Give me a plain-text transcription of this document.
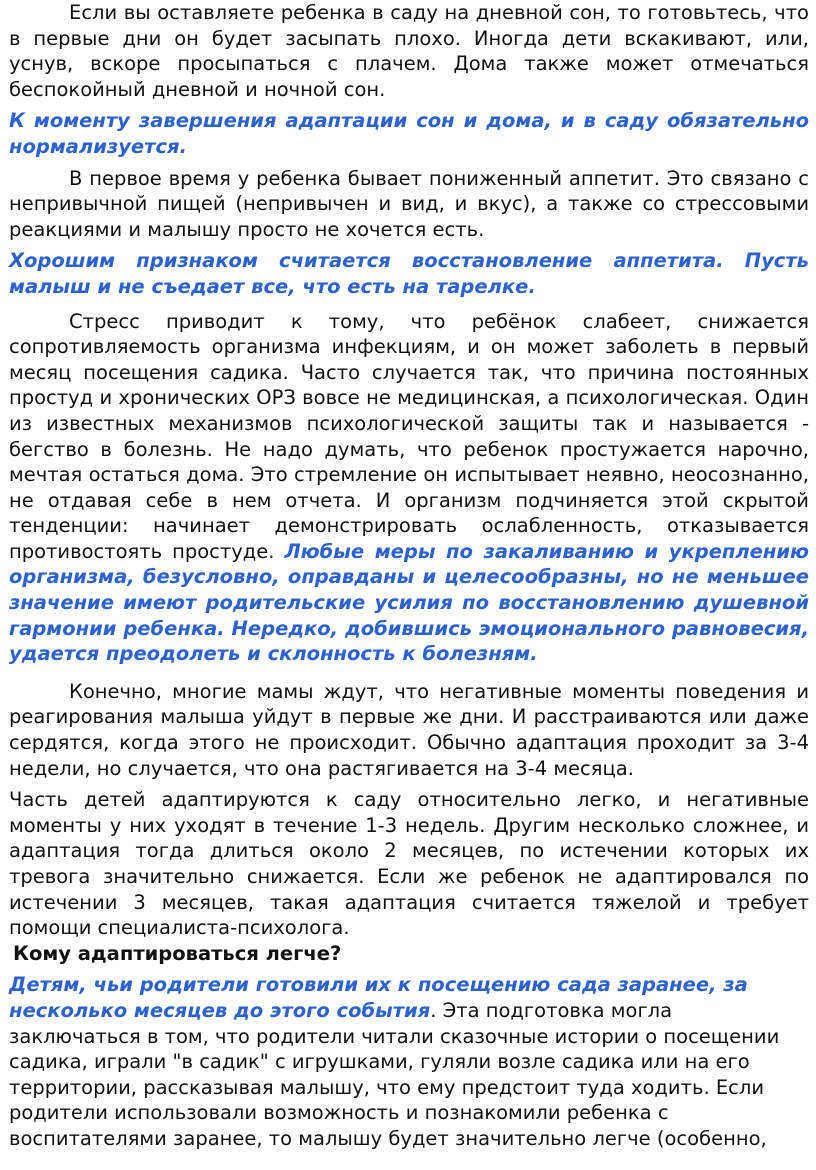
Если вы оставляете ребенка в саду на дневной сон, то готовьтесь, что в первые дни он будет засыпать плохо. Иногда дети вскакивают, или, уснув, вскоре просыпаться с плачем. Дома также может отмечаться беспокойный дневной и ночной сон.

К моменту завершения адаптации сон и дома, и в саду обязательно нормализуется.

В первое время у ребенка бывает пониженный аппетит. Это связано с непривычной пищей (непривычен и вид, и вкус), а также со стрессовыми реакциями и малышу просто не хочется есть.

Хорошим признаком считается восстановление аппетита. Пусть малыш и не съедает все, что есть на тарелке.

Стресс приводит к тому, что ребёнок слабеет, снижается сопротивляемость организма инфекциям, и он может заболеть в первый месяц посещения садика. Часто случается так, что причина постоянных простуд и хронических ОРЗ вовсе не медицинская, а психологическая. Один из известных механизмов психологической защиты так и называется - бегство в болезнь. Не надо думать, что ребенок простужается нарочно, мечтая остаться дома. Это стремление он испытывает неявно, неосознанно, не отдавая себе в нем отчета. И организм подчиняется этой скрытой тенденции: начинает демонстрировать ослабленность, отказывается противостоять простуде. Любые меры по закаливанию и укреплению организма, безусловно, оправданы и целесообразны, но не меньшее значение имеют родительские усилия по восстановлению душевной гармонии ребенка. Нередко, добившись эмоционального равновесия, удается преодолеть и склонность к болезням.

Конечно, многие мамы ждут, что негативные моменты поведения и реагирования малыша уйдут в первые же дни. И расстраиваются или даже сердятся, когда этого не происходит. Обычно адаптация проходит за 3-4 недели, но случается, что она растягивается на 3-4 месяца.

Часть детей адаптируются к саду относительно легко, и негативные моменты у них уходят в течение 1-3 недель. Другим несколько сложнее, и адаптация тогда длиться около 2 месяцев, по истечении которых их тревога значительно снижается. Если же ребенок не адаптировался по истечении 3 месяцев, такая адаптация считается тяжелой и требует помощи специалиста-психолога.

Кому адаптироваться легче?

Детям, чьи родители готовили их к посещению сада заранее, за несколько месяцев до этого события. Эта подготовка могла заключаться в том, что родители читали сказочные истории о посещении садика, играли "в садик" с игрушками, гуляли возле садика или на его территории, рассказывая малышу, что ему предстоит туда ходить. Если родители использовали возможность и познакомили ребенка с воспитателями заранее, то малышу будет значительно легче (особенно,
